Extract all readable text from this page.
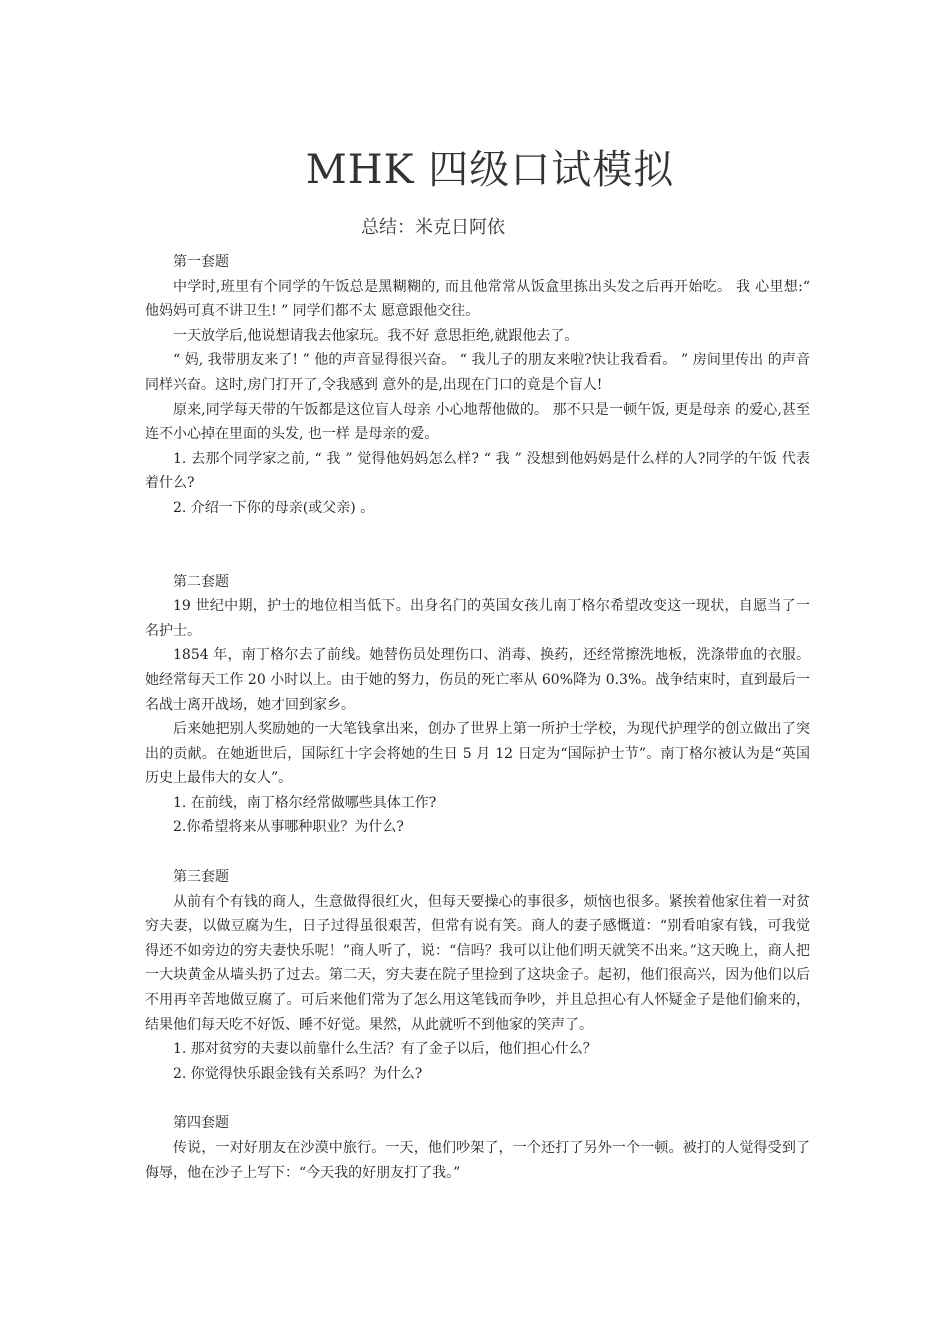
MHK 四级口试模拟
总结：米克日阿依

第一套题

中学时,班里有个同学的午饭总是黑糊糊的, 而且他常常从饭盒里拣出头发之后再开始吃。 我 心里想:“ 他妈妈可真不讲卫生! ” 同学们都不太 愿意跟他交往。

一天放学后,他说想请我去他家玩。我不好 意思拒绝,就跟他去了。

“ 妈, 我带朋友来了! ” 他的声音显得很兴奋。 “ 我儿子的朋友来啦?快让我看看。 ” 房间里传出 的声音同样兴奋。这时,房门打开了,令我感到 意外的是,出现在门口的竟是个盲人!

原来,同学每天带的午饭都是这位盲人母亲 小心地帮他做的。 那不只是一顿午饭, 更是母亲 的爱心,甚至连不小心掉在里面的头发, 也一样 是母亲的爱。

1. 去那个同学家之前, “ 我 ” 觉得他妈妈怎么样? “ 我 ” 没想到他妈妈是什么样的人?同学的午饭 代表着什么?

2. 介绍一下你的母亲(或父亲) 。

第二套题

19 世纪中期，护士的地位相当低下。出身名门的英国女孩儿南丁格尔希望改变这一现状，自愿当了一名护士。

1854 年，南丁格尔去了前线。她替伤员处理伤口、消毒、换药，还经常擦洗地板，洗涤带血的衣服。她经常每天工作 20 小时以上。由于她的努力，伤员的死亡率从 60%降为 0.3%。战争结束时，直到最后一名战士离开战场，她才回到家乡。

后来她把别人奖励她的一大笔钱拿出来，创办了世界上第一所护士学校，为现代护理学的创立做出了突出的贡献。在她逝世后，国际红十字会将她的生日 5 月 12 日定为“国际护士节”。南丁格尔被认为是“英国历史上最伟大的女人”。

1. 在前线，南丁格尔经常做哪些具体工作?

2.你希望将来从事哪种职业？为什么?

第三套题

从前有个有钱的商人，生意做得很红火，但每天要操心的事很多，烦恼也很多。紧挨着他家住着一对贫穷夫妻，以做豆腐为生，日子过得虽很艰苦，但常有说有笑。商人的妻子感慨道：“别看咱家有钱，可我觉得还不如旁边的穷夫妻快乐呢！”商人听了，说：“信吗？我可以让他们明天就笑不出来。”这天晚上，商人把一大块黄金从墙头扔了过去。第二天，穷夫妻在院子里捡到了这块金子。起初，他们很高兴，因为他们以后不用再辛苦地做豆腐了。可后来他们常为了怎么用这笔钱而争吵，并且总担心有人怀疑金子是他们偷来的，结果他们每天吃不好饭、睡不好觉。果然，从此就听不到他家的笑声了。

1. 那对贫穷的夫妻以前靠什么生活？有了金子以后，他们担心什么？

2. 你觉得快乐跟金钱有关系吗？为什么?

第四套题

传说，一对好朋友在沙漠中旅行。一天，他们吵架了，一个还打了另外一个一顿。被打的人觉得受到了侮辱，他在沙子上写下：“今天我的好朋友打了我。”
